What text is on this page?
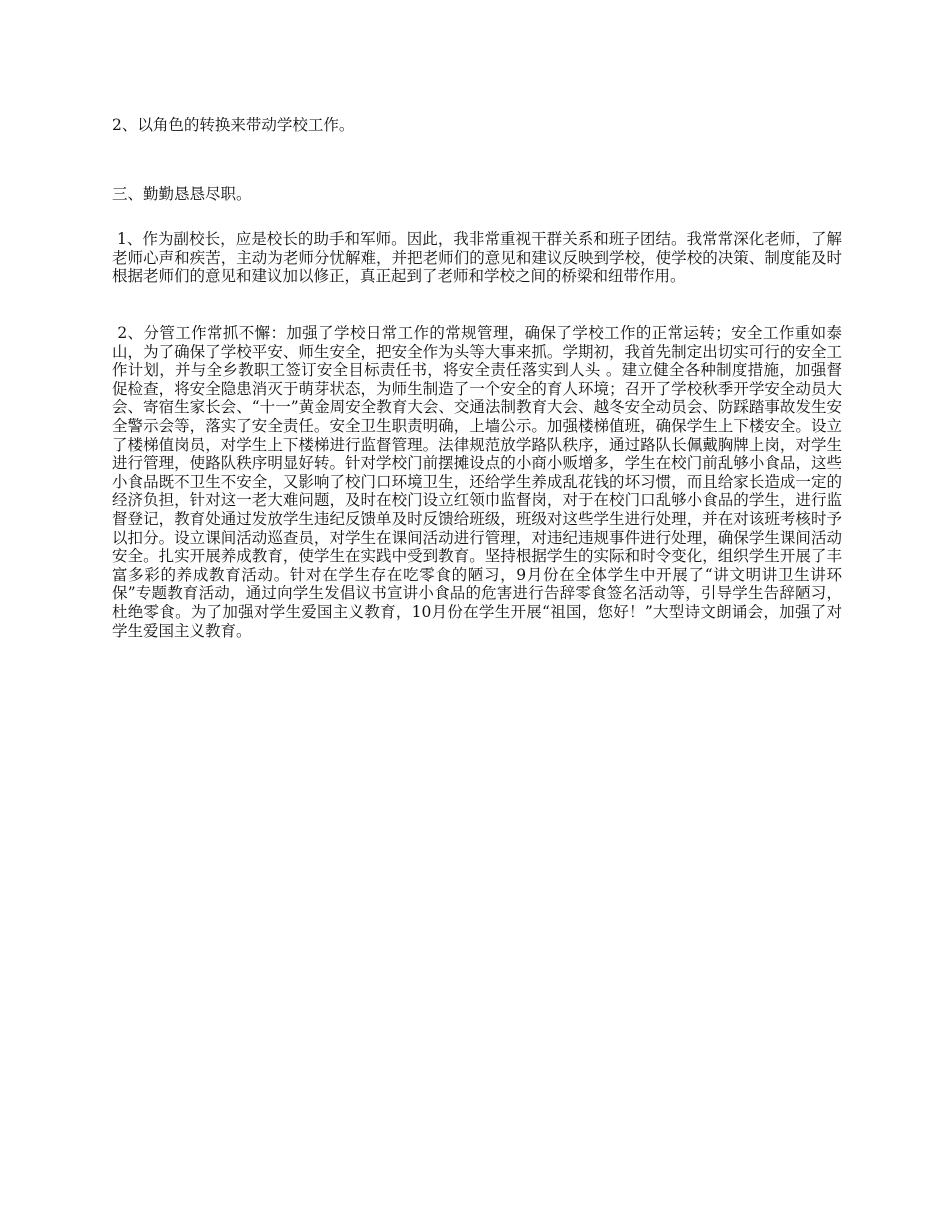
2、以角色的转换来带动学校工作。

三、勤勤恳恳尽职。

1、作为副校长，应是校长的助手和军师。因此，我非常重视干群关系和班子团结。我常常深化老师，了解老师心声和疾苦，主动为老师分忧解难，并把老师们的意见和建议反映到学校，使学校的决策、制度能及时根据老师们的意见和建议加以修正，真正起到了老师和学校之间的桥梁和纽带作用。

2、分管工作常抓不懈：加强了学校日常工作的常规管理，确保了学校工作的正常运转；安全工作重如泰山，为了确保了学校平安、师生安全，把安全作为头等大事来抓。学期初，我首先制定出切实可行的安全工作计划，并与全乡教职工签订安全目标责任书，将安全责任落实到人头 。建立健全各种制度措施，加强督促检查，将安全隐患消灭于萌芽状态，为师生制造了一个安全的育人环境；召开了学校秋季开学安全动员大会、寄宿生家长会、“十一”黄金周安全教育大会、交通法制教育大会、越冬安全动员会、防踩踏事故发生安全警示会等，落实了安全责任。安全卫生职责明确，上墙公示。加强楼梯值班，确保学生上下楼安全。设立了楼梯值岗员，对学生上下楼梯进行监督管理。法律规范放学路队秩序，通过路队长佩戴胸牌上岗，对学生进行管理，使路队秩序明显好转。针对学校门前摆摊设点的小商小贩增多，学生在校门前乱够小食品，这些小食品既不卫生不安全，又影响了校门口环境卫生，还给学生养成乱花钱的坏习惯，而且给家长造成一定的经济负担，针对这一老大难问题，及时在校门设立红领巾监督岗，对于在校门口乱够小食品的学生，进行监督登记，教育处通过发放学生违纪反馈单及时反馈给班级，班级对这些学生进行处理，并在对该班考核时予以扣分。设立课间活动巡查员，对学生在课间活动进行管理，对违纪违规事件进行处理，确保学生课间活动安全。扎实开展养成教育，使学生在实践中受到教育。坚持根据学生的实际和时令变化，组织学生开展了丰富多彩的养成教育活动。针对在学生存在吃零食的陋习，9月份在全体学生中开展了“讲文明讲卫生讲环保”专题教育活动，通过向学生发倡议书宣讲小食品的危害进行告辞零食签名活动等，引导学生告辞陋习，杜绝零食。为了加强对学生爱国主义教育，10月份在学生开展“祖国，您好！”大型诗文朗诵会，加强了对学生爱国主义教育。
